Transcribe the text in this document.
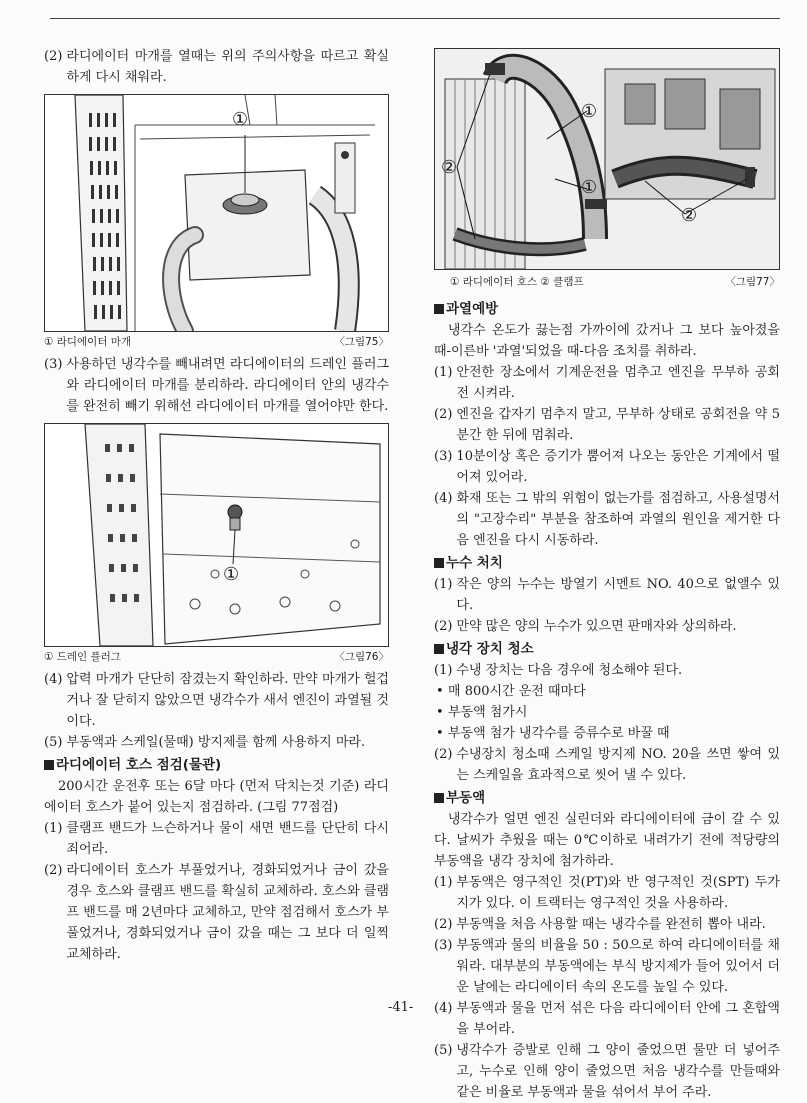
(2) 라디에이터 마개를 열때는 위의 주의사항을 따르고 확실하게 다시 채워라.

①
① 라디에이터 마개	〈그림75〉

(3) 사용하던 냉각수를 빼내려면 라디에이터의 드레인 플러그와 라디에이터 마개를 분리하라. 라디에이터 안의 냉각수를 완전히 빼기 위해선 라디에이터 마개를 열어야만 한다.

①
① 드레인 플러그	〈그림76〉

(4) 압력 마개가 단단히 잠겼는지 확인하라. 만약 마개가 헐겁거나 잘 닫히지 않았으면 냉각수가 새서 엔진이 과열될 것이다.

(5) 부동액과 스케일(물때) 방지제를 함께 사용하지 마라.

라디에이터 호스 점검(물관)

200시간 운전후 또는 6달 마다 (먼저 닥치는것 기준) 라디에이터 호스가 붙어 있는지 점검하라. (그림 77점검)

(1) 클램프 밴드가 느슨하거나 물이 새면 밴드를 단단히 다시 죄어라.

(2) 라디에이터 호스가 부풀었거나, 경화되었거나 금이 갔을 경우 호스와 클램프 밴드를 확실히 교체하라. 호스와 클램프 밴드를 매 2년마다 교체하고, 만약 점검해서 호스가 부풀었거나, 경화되었거나 금이 갔을 때는 그 보다 더 일찍 교체하라.

①
①
②
②
① 라디에이터 호스 ② 클램프	〈그림77〉
과열예방

냉각수 온도가 끓는점 가까이에 갔거나 그 보다 높아졌을 때-이른바 '과열'되었을 때-다음 조치를 취하라.

(1) 안전한 장소에서 기계운전을 멈추고 엔진을 무부하 공회전 시켜라.

(2) 엔진을 갑자기 멈추지 말고, 무부하 상태로 공회전을 약 5분간 한 뒤에 멈춰라.

(3) 10분이상 혹은 증기가 뿜어져 나오는 동안은 기계에서 떨어져 있어라.

(4) 화재 또는 그 밖의 위험이 없는가를 점검하고, 사용설명서의 "고장수리" 부분을 참조하여 과열의 원인을 제거한 다음 엔진을 다시 시동하라.

누수 처치

(1) 작은 양의 누수는 방열기 시멘트 NO. 40으로 없앨수 있다.

(2) 만약 많은 양의 누수가 있으면 판매자와 상의하라.

냉각 장치 청소

(1) 수냉 장치는 다음 경우에 청소해야 된다.

• 매 800시간 운전 때마다

• 부동액 첨가시

• 부동액 첨가 냉각수를 증류수로 바꿀 때

(2) 수냉장치 청소때 스케일 방지제 NO. 20을 쓰면 쌓여 있는 스케일을 효과적으로 씻어 낼 수 있다.

부동액

냉각수가 얼면 엔진 실린더와 라디에이터에 금이 갈 수 있다. 날씨가 추웠을 때는 0℃이하로 내려가기 전에 적당량의 부동액을 냉각 장치에 첨가하라.

(1) 부동액은 영구적인 것(PT)와 반 영구적인 것(SPT) 두가지가 있다. 이 트랙터는 영구적인 것을 사용하라.

(2) 부동액을 처음 사용할 때는 냉각수를 완전히 뽑아 내라.

(3) 부동액과 물의 비율을 50 : 50으로 하여 라디에이터를 채워라. 대부분의 부동액에는 부식 방지제가 들어 있어서 더운 날에는 라디에이터 속의 온도를 높일 수 있다.

(4) 부동액과 물을 먼저 섞은 다음 라디에이터 안에 그 혼합액을 부어라.

(5) 냉각수가 증발로 인해 그 양이 줄었으면 물만 더 넣어주고, 누수로 인해 양이 줄었으면 처음 냉각수를 만들때와 같은 비율로 부동액과 물을 섞어서 부어 주라.

-41-
